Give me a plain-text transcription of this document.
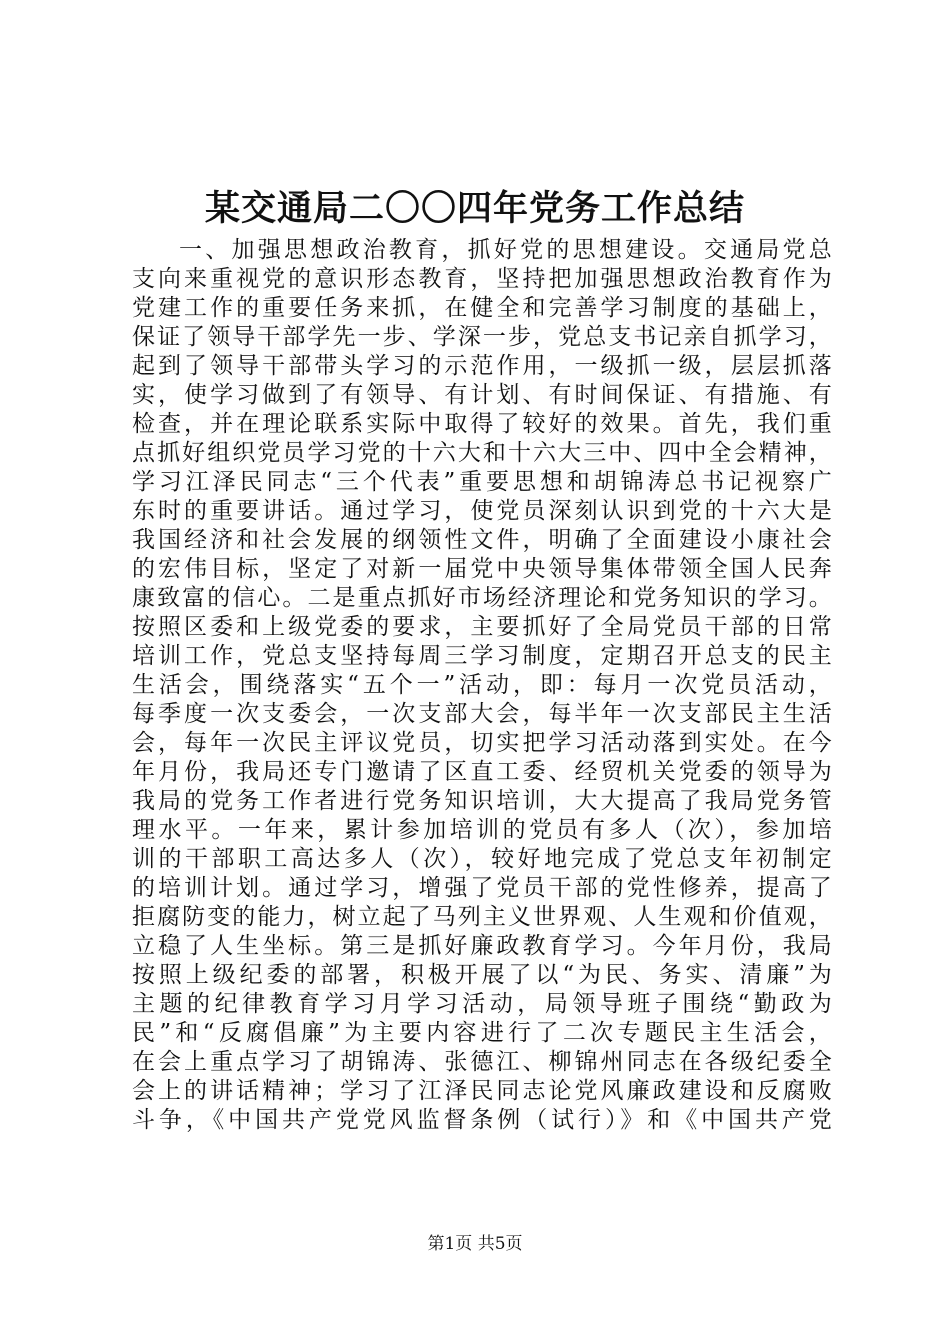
某交通局二〇〇四年党务工作总结
一、加强思想政治教育，抓好党的思想建设。交通局党总
支向来重视党的意识形态教育，坚持把加强思想政治教育作为
党建工作的重要任务来抓，在健全和完善学习制度的基础上，
保证了领导干部学先一步、学深一步，党总支书记亲自抓学习，
起到了领导干部带头学习的示范作用，一级抓一级，层层抓落
实，使学习做到了有领导、有计划、有时间保证、有措施、有
检查，并在理论联系实际中取得了较好的效果。首先，我们重
点抓好组织党员学习党的十六大和十六大三中、四中全会精神，
学习江泽民同志“三个代表”重要思想和胡锦涛总书记视察广
东时的重要讲话。通过学习，使党员深刻认识到党的十六大是
我国经济和社会发展的纲领性文件，明确了全面建设小康社会
的宏伟目标，坚定了对新一届党中央领导集体带领全国人民奔
康致富的信心。二是重点抓好市场经济理论和党务知识的学习。
按照区委和上级党委的要求，主要抓好了全局党员干部的日常
培训工作，党总支坚持每周三学习制度，定期召开总支的民主
生活会，围绕落实“五个一”活动，即：每月一次党员活动，
每季度一次支委会，一次支部大会，每半年一次支部民主生活
会，每年一次民主评议党员，切实把学习活动落到实处。在今
年月份，我局还专门邀请了区直工委、经贸机关党委的领导为
我局的党务工作者进行党务知识培训，大大提高了我局党务管
理水平。一年来，累计参加培训的党员有多人（次），参加培
训的干部职工高达多人（次），较好地完成了党总支年初制定
的培训计划。通过学习，增强了党员干部的党性修养，提高了
拒腐防变的能力，树立起了马列主义世界观、人生观和价值观，
立稳了人生坐标。第三是抓好廉政教育学习。今年月份，我局
按照上级纪委的部署，积极开展了以“为民、务实、清廉”为
主题的纪律教育学习月学习活动，局领导班子围绕“勤政为
民”和“反腐倡廉”为主要内容进行了二次专题民主生活会，
在会上重点学习了胡锦涛、张德江、柳锦州同志在各级纪委全
会上的讲话精神；学习了江泽民同志论党风廉政建设和反腐败
斗争，《中国共产党党风监督条例（试行）》和《中国共产党
第1页 共5页
